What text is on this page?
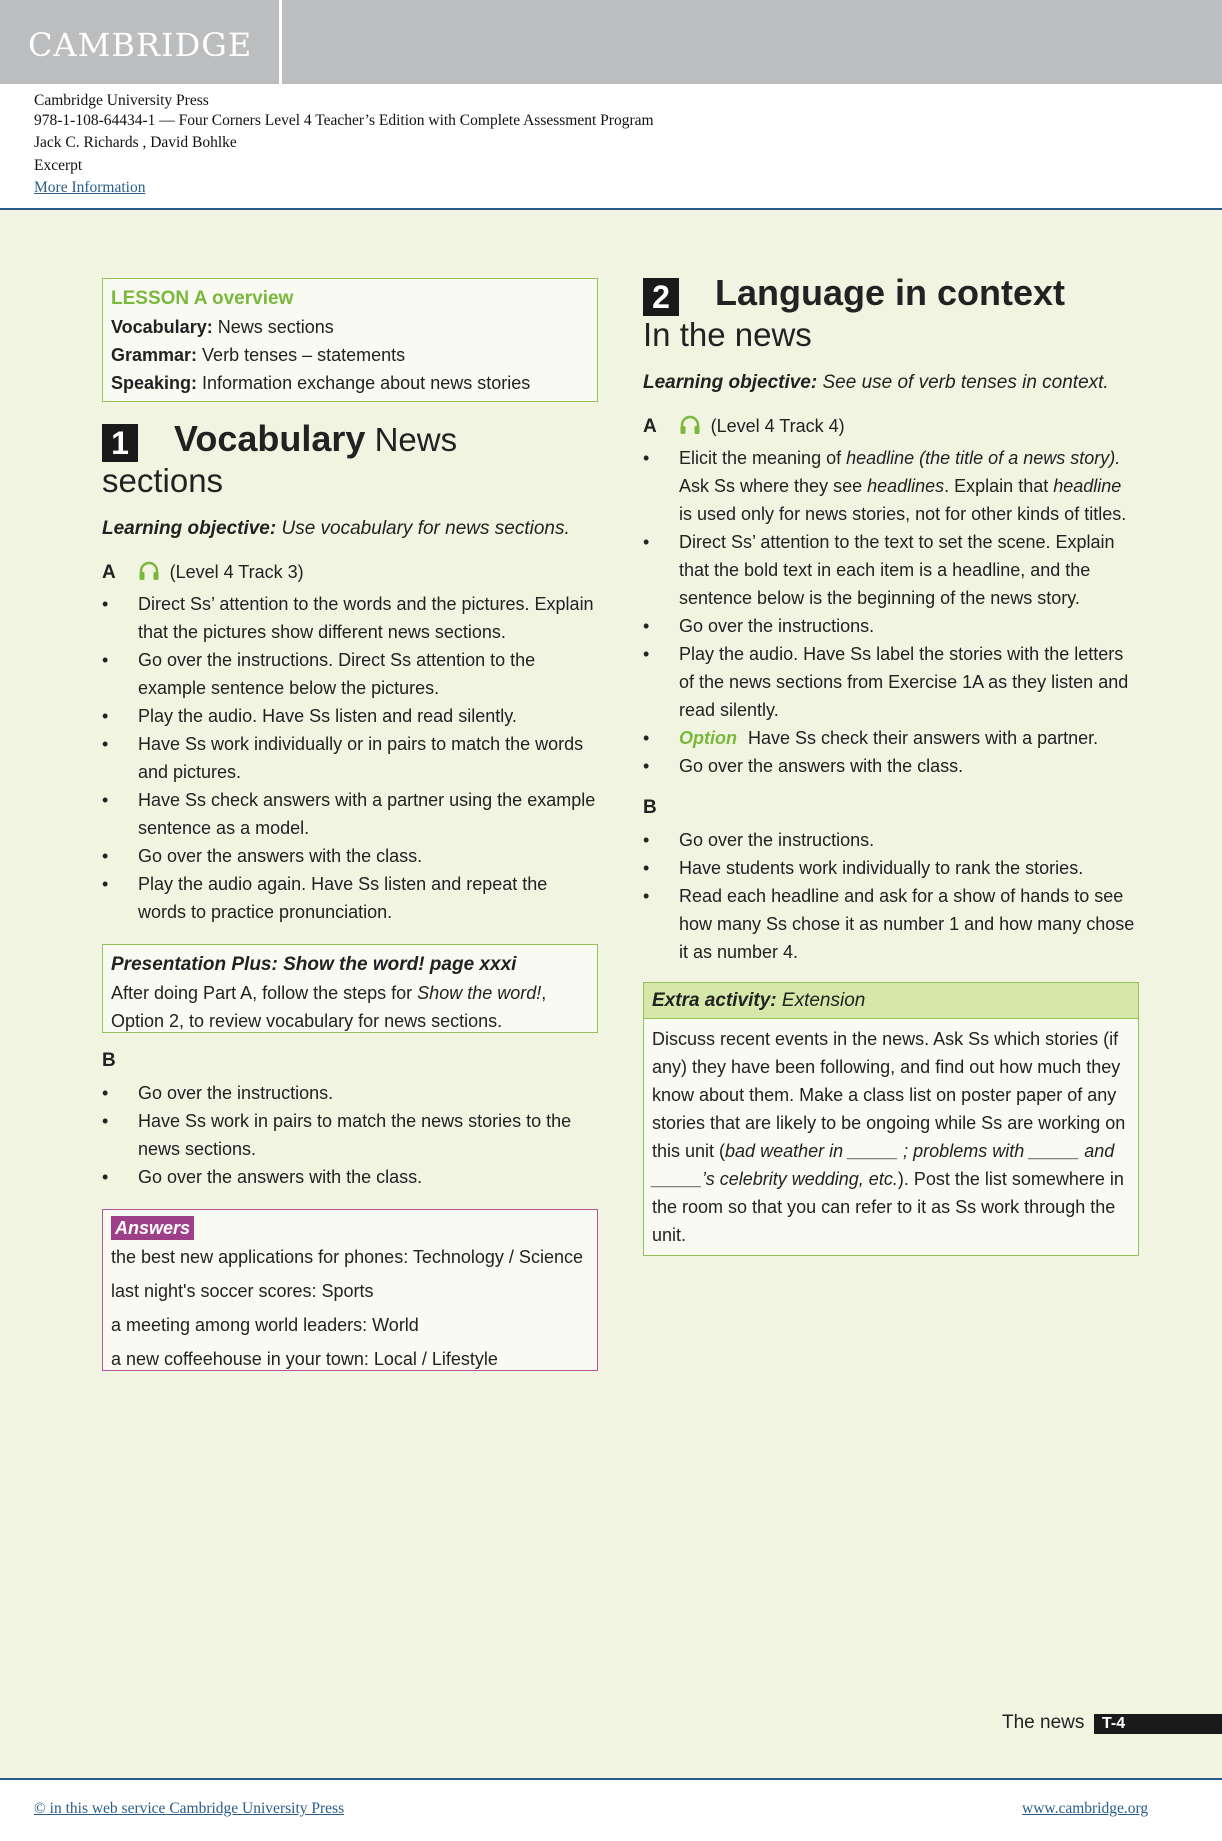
CAMBRIDGE
Cambridge University Press
978-1-108-64434-1 — Four Corners Level 4 Teacher’s Edition with Complete Assessment Program
Jack C. Richards , David Bohlke
Excerpt
More Information
LESSON A overview
Vocabulary: News sections
Grammar: Verb tenses – statements
Speaking: Information exchange about news stories
1 Vocabulary News
sections
Learning objective: Use vocabulary for news sections.
A	(Level 4 Track 3)
• Direct Ss’ attention to the words and the pictures. Explain that the pictures show different news sections.
• Go over the instructions. Direct Ss attention to the example sentence below the pictures.
• Play the audio. Have Ss listen and read silently.
• Have Ss work individually or in pairs to match the words and pictures.
• Have Ss check answers with a partner using the example sentence as a model.
• Go over the answers with the class.
• Play the audio again. Have Ss listen and repeat the words to practice pronunciation.
Presentation Plus: Show the word! page xxxi
After doing Part A, follow the steps for Show the word!,
Option 2, to review vocabulary for news sections.
B
• Go over the instructions.
• Have Ss work in pairs to match the news stories to the news sections.
• Go over the answers with the class.
Answers
the best new applications for phones: Technology / Science
last night's soccer scores: Sports
a meeting among world leaders: World
a new coffeehouse in your town: Local / Lifestyle
2 Language in context
In the news
Learning objective: See use of verb tenses in context.
A	(Level 4 Track 4)
• Elicit the meaning of headline (the title of a news story). Ask Ss where they see headlines. Explain that headline is used only for news stories, not for other kinds of titles.
• Direct Ss’ attention to the text to set the scene. Explain that the bold text in each item is a headline, and the sentence below is the beginning of the news story.
• Go over the instructions.
• Play the audio. Have Ss label the stories with the letters of the news sections from Exercise 1A as they listen and read silently.
• Option Have Ss check their answers with a partner.
• Go over the answers with the class.
B
• Go over the instructions.
• Have students work individually to rank the stories.
• Read each headline and ask for a show of hands to see how many Ss chose it as number 1 and how many chose it as number 4.
Extra activity: Extension
Discuss recent events in the news. Ask Ss which stories (if any) they have been following, and find out how much they know about them. Make a class list on poster paper of any stories that are likely to be ongoing while Ss are working on this unit (bad weather in _____ ; problems with _____ and _____’s celebrity wedding, etc.). Post the list somewhere in the room so that you can refer to it as Ss work through the unit.
The news	T-4
© in this web service Cambridge University Press	www.cambridge.org
